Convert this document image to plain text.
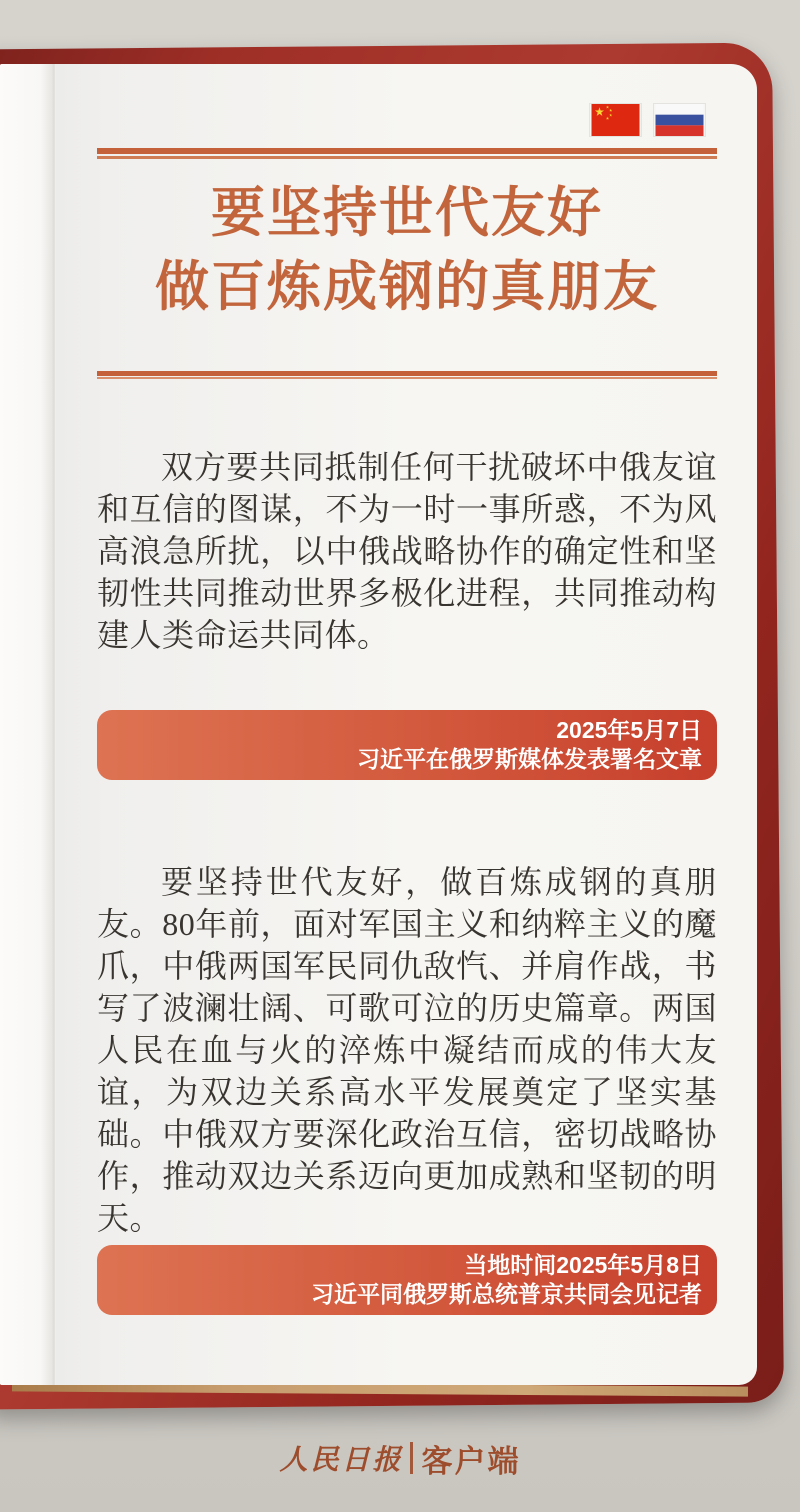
要坚持世代友好
做百炼成钢的真朋友

双方要共同抵制任何干扰破坏中俄友谊和互信的图谋，不为一时一事所惑，不为风高浪急所扰，以中俄战略协作的确定性和坚韧性共同推动世界多极化进程，共同推动构建人类命运共同体。

2025年5月7日
习近平在俄罗斯媒体发表署名文章

要坚持世代友好，做百炼成钢的真朋友。80年前，面对军国主义和纳粹主义的魔爪，中俄两国军民同仇敌忾、并肩作战，书写了波澜壮阔、可歌可泣的历史篇章。两国人民在血与火的淬炼中凝结而成的伟大友谊，为双边关系高水平发展奠定了坚实基础。中俄双方要深化政治互信，密切战略协作，推动双边关系迈向更加成熟和坚韧的明天。

当地时间2025年5月8日
习近平同俄罗斯总统普京共同会见记者
人民日报 客户端
